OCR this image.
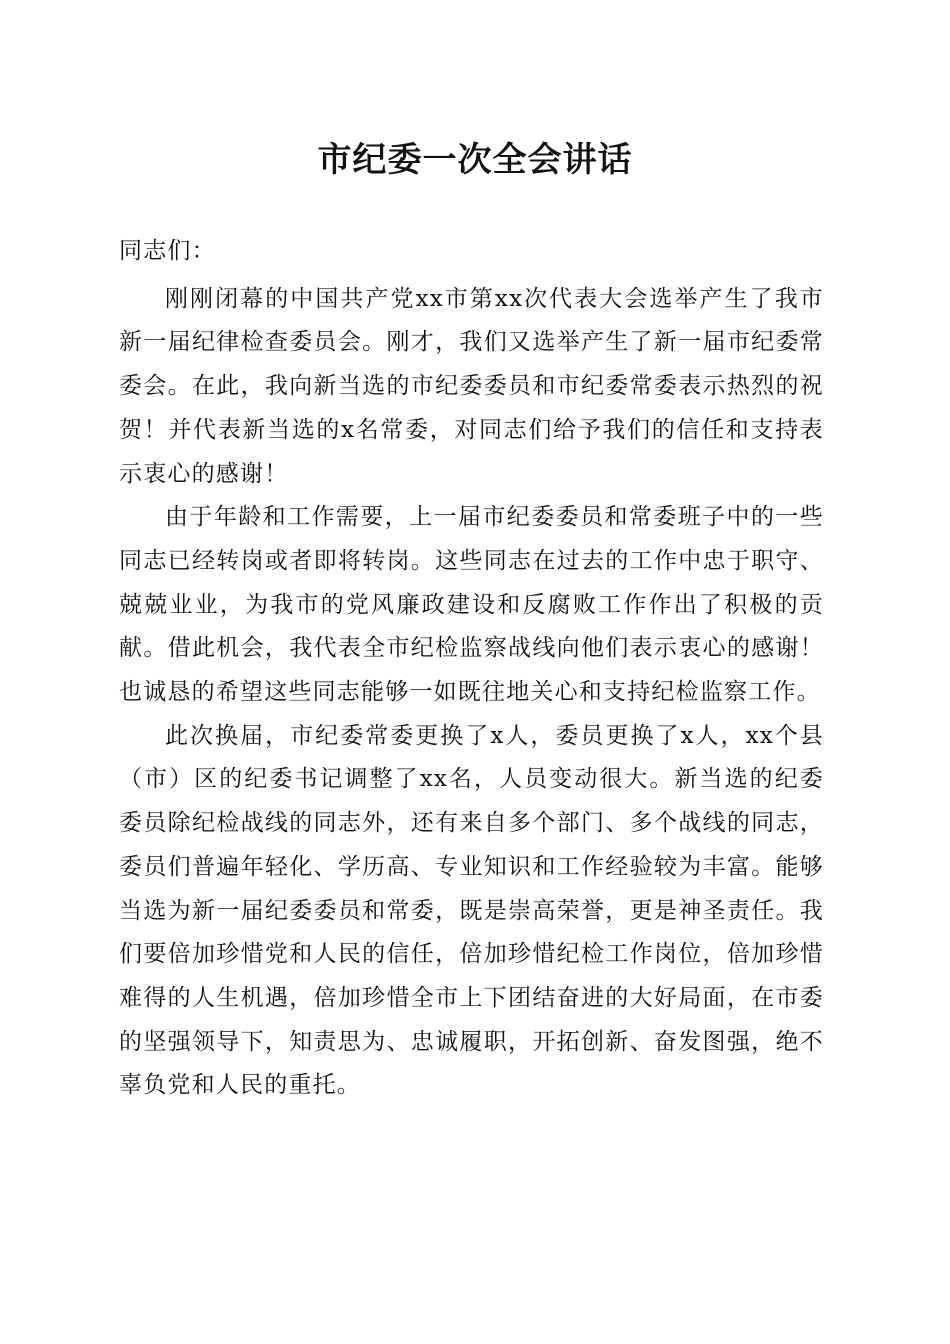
市纪委一次全会讲话

同志们：

刚刚闭幕的中国共产党xx市第xx次代表大会选举产生了我市新一届纪律检查委员会。刚才，我们又选举产生了新一届市纪委常委会。在此，我向新当选的市纪委委员和市纪委常委表示热烈的祝贺！并代表新当选的x名常委，对同志们给予我们的信任和支持表示衷心的感谢！

由于年龄和工作需要，上一届市纪委委员和常委班子中的一些同志已经转岗或者即将转岗。这些同志在过去的工作中忠于职守、兢兢业业，为我市的党风廉政建设和反腐败工作作出了积极的贡献。借此机会，我代表全市纪检监察战线向他们表示衷心的感谢！也诚恳的希望这些同志能够一如既往地关心和支持纪检监察工作。

此次换届，市纪委常委更换了x人，委员更换了x人，xx个县（市）区的纪委书记调整了xx名，人员变动很大。新当选的纪委委员除纪检战线的同志外，还有来自多个部门、多个战线的同志，委员们普遍年轻化、学历高、专业知识和工作经验较为丰富。能够当选为新一届纪委委员和常委，既是崇高荣誉，更是神圣责任。我们要倍加珍惜党和人民的信任，倍加珍惜纪检工作岗位，倍加珍惜难得的人生机遇，倍加珍惜全市上下团结奋进的大好局面，在市委的坚强领导下，知责思为、忠诚履职，开拓创新、奋发图强，绝不辜负党和人民的重托。
